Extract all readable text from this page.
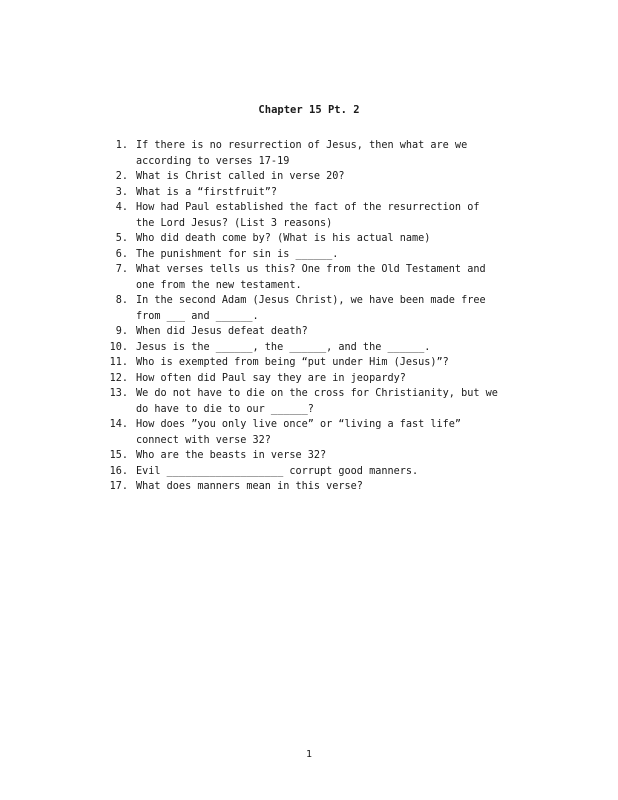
Chapter 15 Pt. 2
1. If there is no resurrection of Jesus, then what are we
according to verses 17-19
2. What is Christ called in verse 20?
3. What is a “firstfruit”?
4. How had Paul established the fact of the resurrection of
the Lord Jesus? (List 3 reasons)
5. Who did death come by? (What is his actual name)
6. The punishment for sin is ______.
7. What verses tells us this? One from the Old Testament and
one from the new testament.
8. In the second Adam (Jesus Christ), we have been made free
from ___ and ______.
9. When did Jesus defeat death?
10. Jesus is the ______, the ______, and the ______.
11. Who is exempted from being “put under Him (Jesus)”?
12. How often did Paul say they are in jeopardy?
13. We do not have to die on the cross for Christianity, but we
do have to die to our ______?
14. How does ”you only live once” or “living a fast life”
connect with verse 32?
15. Who are the beasts in verse 32?
16. Evil ___________________ corrupt good manners.
17. What does manners mean in this verse?
1
